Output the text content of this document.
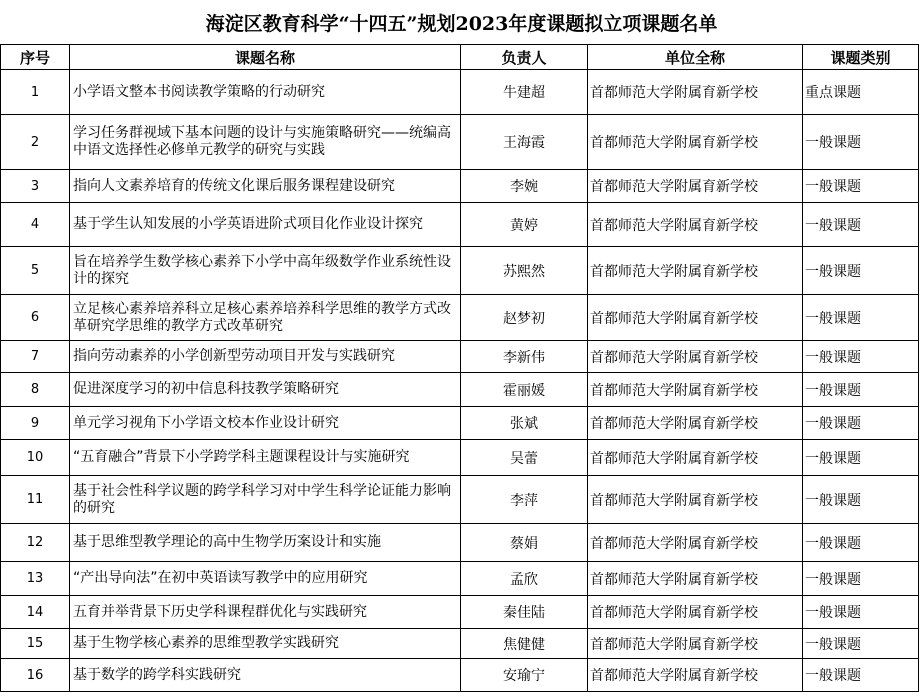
海淀区教育科学“十四五”规划2023年度课题拟立项课题名单
序号	课题名称	负责人	单位全称	课题类别
1	小学语文整本书阅读教学策略的行动研究	牛建超	首都师范大学附属育新学校	重点课题
2	学习任务群视域下基本问题的设计与实施策略研究——统编高中语文选择性必修单元教学的研究与实践	王海霞	首都师范大学附属育新学校	一般课题
3	指向人文素养培育的传统文化课后服务课程建设研究	李婉	首都师范大学附属育新学校	一般课题
4	基于学生认知发展的小学英语进阶式项目化作业设计探究	黄婷	首都师范大学附属育新学校	一般课题
5	旨在培养学生数学核心素养下小学中高年级数学作业系统性设计的探究	苏熙然	首都师范大学附属育新学校	一般课题
6	立足核心素养培养科立足核心素养培养科学思维的教学方式改革研究学思维的教学方式改革研究	赵梦初	首都师范大学附属育新学校	一般课题
7	指向劳动素养的小学创新型劳动项目开发与实践研究	李新伟	首都师范大学附属育新学校	一般课题
8	促进深度学习的初中信息科技教学策略研究	霍丽媛	首都师范大学附属育新学校	一般课题
9	单元学习视角下小学语文校本作业设计研究	张斌	首都师范大学附属育新学校	一般课题
10	“五育融合”背景下小学跨学科主题课程设计与实施研究	吴蕾	首都师范大学附属育新学校	一般课题
11	基于社会性科学议题的跨学科学习对中学生科学论证能力影响的研究	李萍	首都师范大学附属育新学校	一般课题
12	基于思维型教学理论的高中生物学历案设计和实施	蔡娟	首都师范大学附属育新学校	一般课题
13	“产出导向法”在初中英语读写教学中的应用研究	孟欣	首都师范大学附属育新学校	一般课题
14	五育并举背景下历史学科课程群优化与实践研究	秦佳陆	首都师范大学附属育新学校	一般课题
15	基于生物学核心素养的思维型教学实践研究	焦健健	首都师范大学附属育新学校	一般课题
16	基于数学的跨学科实践研究	安瑜宁	首都师范大学附属育新学校	一般课题
